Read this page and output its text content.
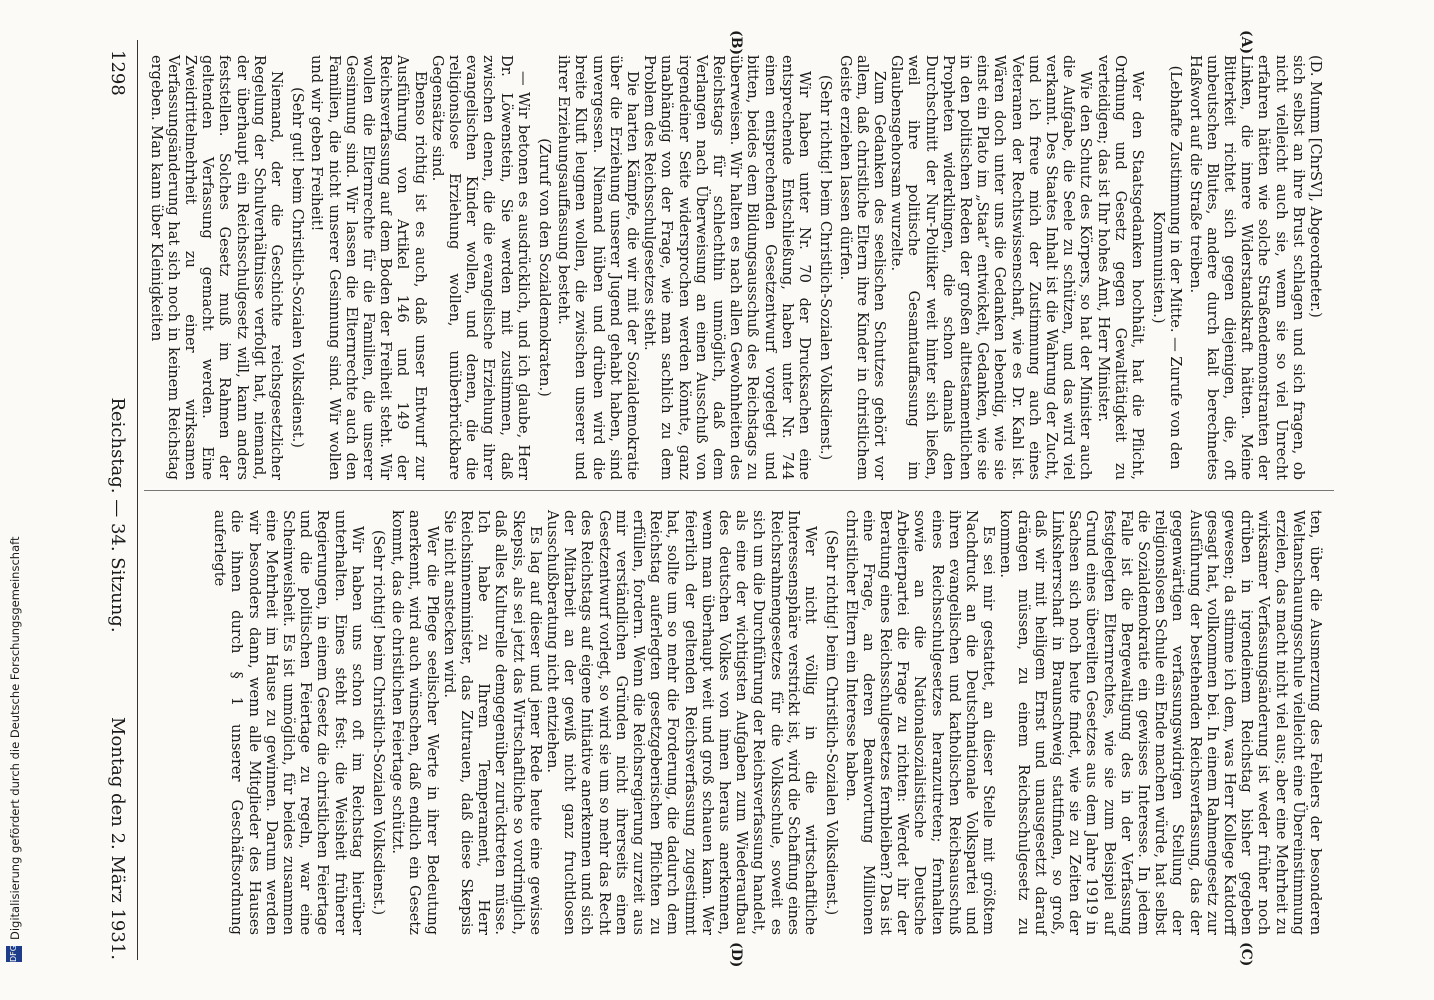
(A)
(B)
(C)
(D)

(D. Mumm [ChrSV], Abgeordneter.)

sich selbst an ihre Brust schlagen und sich fragen, ob nicht vielleicht auch sie, wenn sie so viel Unrecht erfahren hätten wie solche Straßendemonstranten der Linken, die innere Widerstandskraft hätten. Meine Bitterkeit richtet sich gegen diejenigen, die, oft unbeutschen Blutes, andere durch kalt berechnetes Haßwort auf die Straße treiben.

(Lebhafte Zustimmung in der Mitte. — Zurufe von den Kommunisten.)

Wer den Staatsgedanken hochhält, hat die Pflicht, Ordnung und Gesetz gegen Gewalttätigkeit zu verteidigen; das ist Ihr hohes Amt, Herr Minister.

Wie den Schutz des Körpers, so hat der Minister auch die Aufgabe, die Seele zu schützen, und das wird viel verkannt. Des Staates Inhalt ist die Wahrung der Zucht, und ich freue mich der Zustimmung auch eines Veteranen der Rechtswissenschaft, wie es Dr. Kahl ist. Wären doch unter uns die Gedanken lebendig, wie sie einst ein Plato im „Staat“ entwickelt, Gedanken, wie sie in den politischen Reden der großen alttestamentlichen Propheten widerklingen, die schon damals den Durchschnitt der Nur-Politiker weit hinter sich ließen, weil ihre politische Gesamtauffassung im Glaubensgehorsam wurzelte.

Zum Gedanken des seelischen Schutzes gehört vor allem, daß christliche Eltern ihre Kinder in christlichem Geiste erziehen lassen dürfen.

(Sehr richtig! beim Christlich-Sozialen Volksdienst.)

Wir haben unter Nr. 70 der Drucksachen eine entsprechende Entschließung, haben unter Nr. 744 einen entsprechenden Gesetzentwurf vorgelegt und bitten, beides dem Bildungsausschuß des Reichstags zu überweisen. Wir halten es nach allen Gewohnheiten des Reichstags für schlechthin unmöglich, daß dem Verlangen nach Überweisung an einen Ausschuß von irgendeiner Seite widersprochen werden könnte, ganz unabhängig von der Frage, wie man sachlich zu dem Problem des Reichsschulgesetzes steht.

Die harten Kämpfe, die wir mit der Sozialdemokratie über die Erziehung unserer Jugend gehabt haben, sind unvergessen. Niemand hüben und drüben wird die breite Kluft leugnen wollen, die zwischen unserer und ihrer Erziehungsauffassung besteht.

(Zuruf von den Sozialdemokraten.)

— Wir betonen es ausdrücklich, und ich glaube, Herr Dr. Löwenstein, Sie werden mit zustimmen, daß zwischen denen, die die evangelische Erziehung ihrer evangelischen Kinder wollen, und denen, die die religionslose Erziehung wollen, unüberbrückbare Gegensätze sind.

Ebenso richtig ist es auch, daß unser Entwurf zur Ausführung von Artikel 146 und 149 der Reichsverfassung auf dem Boden der Freiheit steht. Wir wollen die Elternrechte für die Familien, die unserer Gesinnung sind. Wir lassen die Elternrechte auch den Familien, die nicht unserer Gesinnung sind. Wir wollen und wir geben Freiheit!

(Sehr gut! beim Christlich-Sozialen Volksdienst.)

Niemand, der die Geschichte reichsgesetzlicher Regelung der Schulverhältnisse verfolgt hat, niemand, der überhaupt ein Reichsschulgesetz will, kann anders feststellen. Solches Gesetz muß im Rahmen der geltenden Verfassung gemacht werden. Eine Zweidrittelmehrheit zu einer wirksamen Verfassungsänderung hat sich noch in keinem Reichstag ergeben. Man kann über Kleinigkeiten

ten, über die Ausmerzung des Fehlers der besonderen Weltanschauungsschule vielleicht eine Übereinstimmung erzielen, das macht nicht viel aus; aber eine Mehrheit zu wirksamer Verfassungsänderung ist weder früher noch drüben in irgendeinem Reichstag bisher gegeben gewesen; da stimme ich dem, was Herr Kollege Katdorff gesagt hat, vollkommen bei. In einem Rahmengesetz zur Ausführung der bestehenden Reichsverfassung, das der gegenwärtigen verfassungswidrigen Stellung der religionslosen Schule ein Ende machen würde, hat selbst die Sozialdemokratie ein gewisses Interesse. In jedem Falle ist die Bergewaltigung des in der Verfassung festgelegten Elternrechtes, wie sie zum Beispiel auf Grund eines übereilten Gesetzes aus dem Jahre 1919 in Sachsen sich noch heute findet, wie sie zu Zeiten der Linksherrschaft in Braunschweig stattfinden, so groß, daß wir mit heiligem Ernst und unausgesetzt darauf drängen müssen, zu einem Reichsschulgesetz zu kommen.

Es sei mir gestattet, an dieser Stelle mit größtem Nachdruck an die Deutschnationale Volkspartei und ihren evangelischen und katholischen Reichsausschuß eines Reichsschulgesetzes heranzutreten; fernhalten sowie an die Nationalsozialistische Deutsche Arbeiterpartei die Frage zu richten: Werdet ihr der Beratung eines Reichsschulgesetzes fernbleiben? Das ist eine Frage, an deren Beantwortung Millionen christlicher Eltern ein Interesse haben.

(Sehr richtig! beim Christlich-Sozialen Volksdienst.)

Wer nicht völlig in die wirtschaftliche Interessensphäre verstrickt ist, wird die Schaffung eines Reichsrahmengesetzes für die Volksschule, soweit es sich um die Durchführung der Reichsverfassung handelt, als eine der wichtigsten Aufgaben zum Wiederaufbau des deutschen Volkes von innen heraus anerkennen, wenn man überhaupt weit und groß schauen kann. Wer feierlich der geltenden Reichsverfassung zugestimmt hat, sollte um so mehr die Forderung, die dadurch dem Reichstag auferlegten gesetzgeberischen Pflichten zu erfüllen, fordern. Wenn die Reichsregierung zurzeit aus mir verständlichen Gründen nicht ihrerseits einen Gesetzentwurf vorlegt, so wird sie um so mehr das Recht des Reichstags auf eigene Initiative anerkennen und sich der Mitarbeit an der gewiß nicht ganz fruchtlosen Ausschußberatung nicht entziehen.

Es lag auf dieser und jener Rede heute eine gewisse Skepsis, als sei jetzt das Wirtschaftliche so vordringlich, daß alles Kulturelle demgegenüber zurücktreten müsse. Ich habe zu Ihrem Temperament, Herr Reichsinnenminister, das Zutrauen, daß diese Skepsis Sie nicht anstecken wird.

Wer die Pflege seelischer Werte in ihrer Bedeutung anerkennt, wird auch wünschen, daß endlich ein Gesetz kommt, das die christlichen Feiertage schützt.

(Sehr richtig! beim Christlich-Sozialen Volksdienst.)

Wir haben uns schon oft im Reichstag hierüber unterhalten. Eines steht fest: die Weisheit früherer Regierungen, in einem Gesetz die christlichen Feiertage und die politischen Feiertage zu regeln, war eine Scheinweisheit. Es ist unmöglich, für beides zusammen eine Mehrheit im Hause zu gewinnen. Darum werden wir besonders dann, wenn alle Mitglieder des Hauses die ihnen durch § 1 unserer Geschäftsordnung auferlegte

1298
Reichstag. — 34. Sitzung.
Montag den 2. März 1931.
DFG
Digitalisierung gefördert durch die Deutsche Forschungsgemeinschaft
